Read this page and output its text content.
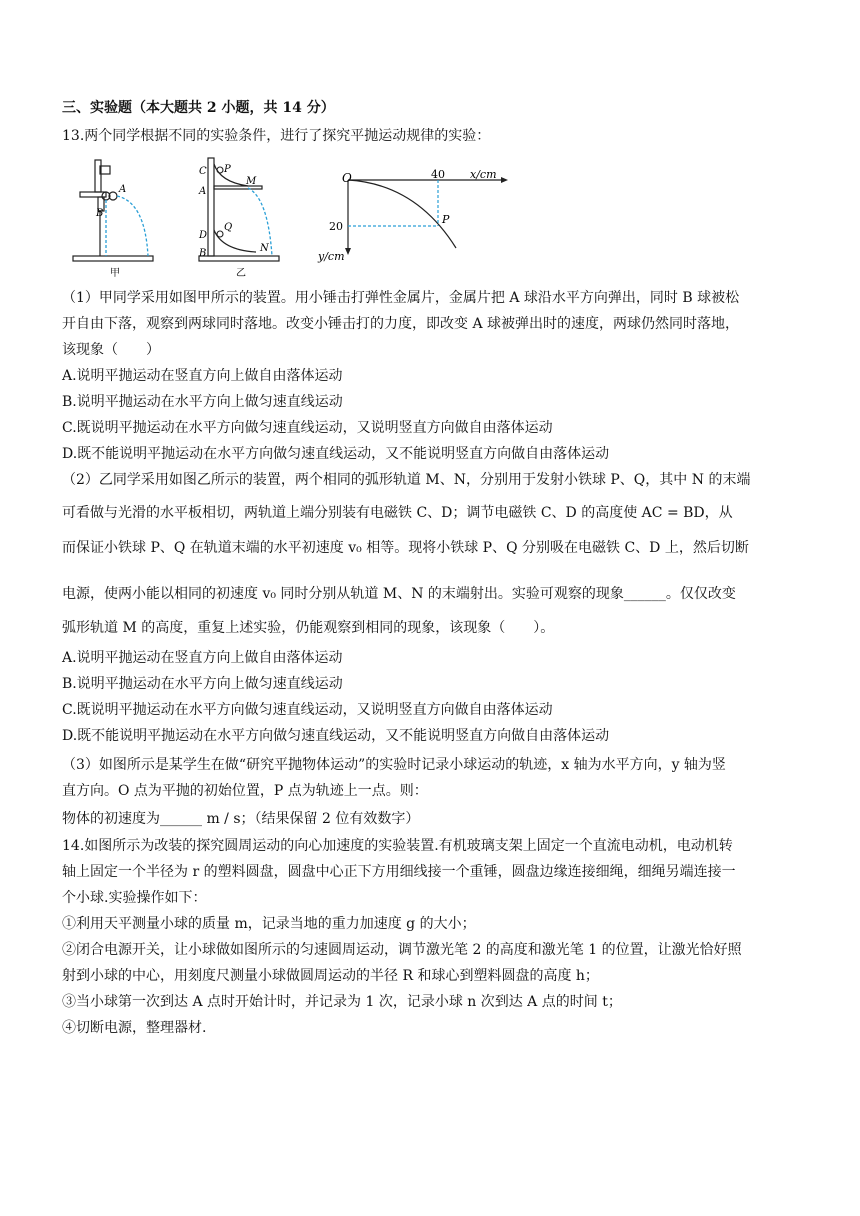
三、实验题（本大题共 2 小题，共 14 分）
13.两个同学根据不同的实验条件，进行了探究平抛运动规律的实验：
A
B
甲
C P
M
A
Q
D
B	N
乙
O	40 x/cm
20
y/cm
P
（1）甲同学采用如图甲所示的装置。用小锤击打弹性金属片，金属片把 A 球沿水平方向弹出，同时 B 球被松
开自由下落，观察到两球同时落地。改变小锤击打的力度，即改变 A 球被弹出时的速度，两球仍然同时落地，
该现象（　　）
A.说明平抛运动在竖直方向上做自由落体运动
B.说明平抛运动在水平方向上做匀速直线运动
C.既说明平抛运动在水平方向做匀速直线运动，又说明竖直方向做自由落体运动
D.既不能说明平抛运动在水平方向做匀速直线运动，又不能说明竖直方向做自由落体运动
（2）乙同学采用如图乙所示的装置，两个相同的弧形轨道 M、N，分别用于发射小铁球 P、Q，其中 N 的末端
可看做与光滑的水平板相切，两轨道上端分别装有电磁铁 C、D；调节电磁铁 C、D 的高度使 AC = BD，从
而保证小铁球 P、Q 在轨道末端的水平初速度 v₀ 相等。现将小铁球 P、Q 分别吸在电磁铁 C、D 上，然后切断
电源，使两小能以相同的初速度 v₀ 同时分别从轨道 M、N 的末端射出。实验可观察的现象______。仅仅改变
弧形轨道 M 的高度，重复上述实验，仍能观察到相同的现象，该现象（　　）。
A.说明平抛运动在竖直方向上做自由落体运动
B.说明平抛运动在水平方向上做匀速直线运动
C.既说明平抛运动在水平方向做匀速直线运动，又说明竖直方向做自由落体运动
D.既不能说明平抛运动在水平方向做匀速直线运动，又不能说明竖直方向做自由落体运动
（3）如图所示是某学生在做“研究平抛物体运动”的实验时记录小球运动的轨迹，x 轴为水平方向，y 轴为竖
直方向。O 点为平抛的初始位置，P 点为轨迹上一点。则：
物体的初速度为______ m / s；（结果保留 2 位有效数字）
14.如图所示为改装的探究圆周运动的向心加速度的实验装置.有机玻璃支架上固定一个直流电动机，电动机转
轴上固定一个半径为 r 的塑料圆盘，圆盘中心正下方用细线接一个重锤，圆盘边缘连接细绳，细绳另端连接一
个小球.实验操作如下：
①利用天平测量小球的质量 m，记录当地的重力加速度 g 的大小；
②闭合电源开关，让小球做如图所示的匀速圆周运动，调节激光笔 2 的高度和激光笔 1 的位置，让激光恰好照
射到小球的中心，用刻度尺测量小球做圆周运动的半径 R 和球心到塑料圆盘的高度 h；
③当小球第一次到达 A 点时开始计时，并记录为 1 次，记录小球 n 次到达 A 点的时间 t；
④切断电源，整理器材.
